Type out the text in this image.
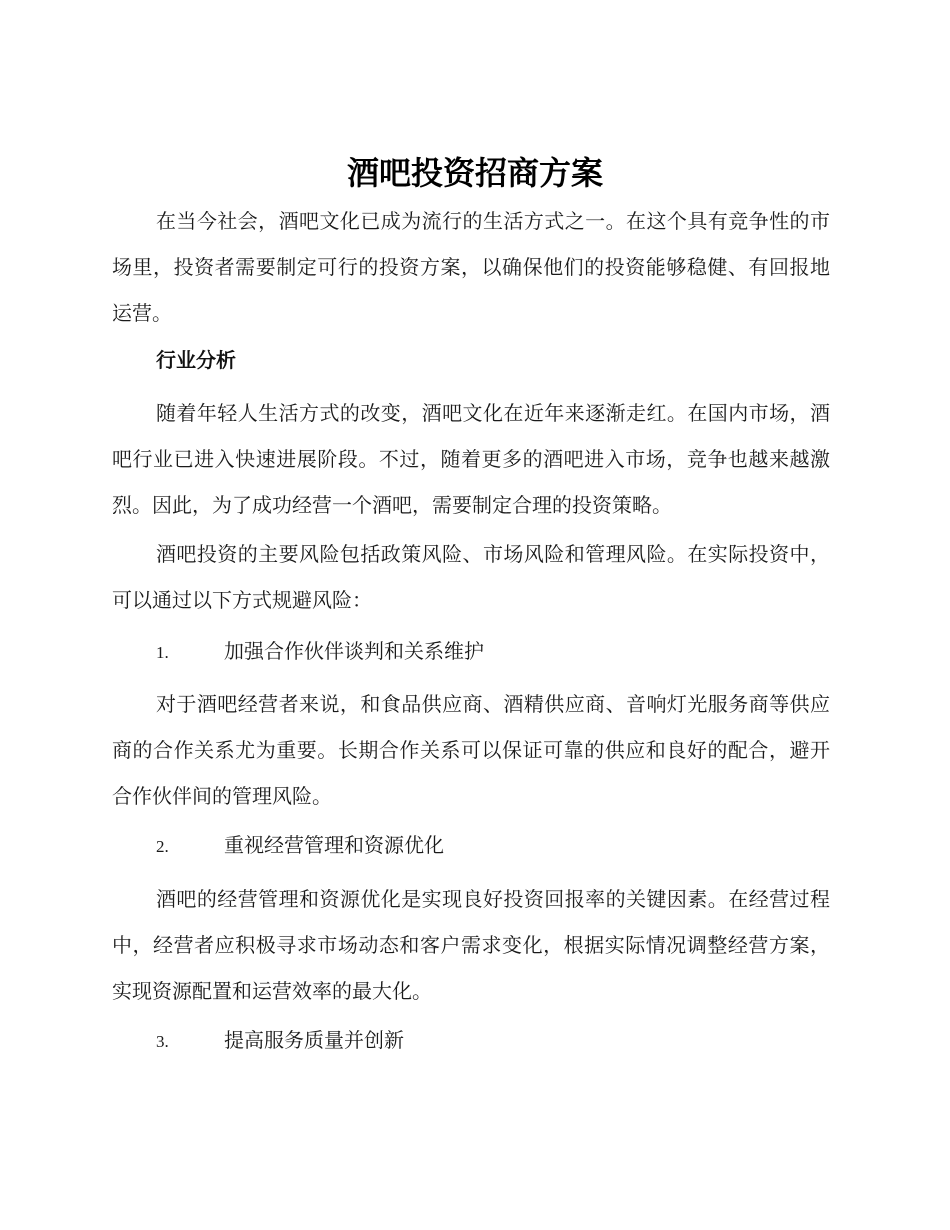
酒吧投资招商方案

在当今社会，酒吧文化已成为流行的生活方式之一。在这个具有竞争性的市场里，投资者需要制定可行的投资方案，以确保他们的投资能够稳健、有回报地运营。

行业分析

随着年轻人生活方式的改变，酒吧文化在近年来逐渐走红。在国内市场，酒吧行业已进入快速进展阶段。不过，随着更多的酒吧进入市场，竞争也越来越激烈。因此，为了成功经营一个酒吧，需要制定合理的投资策略。

酒吧投资的主要风险包括政策风险、市场风险和管理风险。在实际投资中，可以通过以下方式规避风险：

1.	加强合作伙伴谈判和关系维护

对于酒吧经营者来说，和食品供应商、酒精供应商、音响灯光服务商等供应商的合作关系尤为重要。长期合作关系可以保证可靠的供应和良好的配合，避开合作伙伴间的管理风险。

2.	重视经营管理和资源优化

酒吧的经营管理和资源优化是实现良好投资回报率的关键因素。在经营过程中，经营者应积极寻求市场动态和客户需求变化，根据实际情况调整经营方案，实现资源配置和运营效率的最大化。

3.	提高服务质量并创新
